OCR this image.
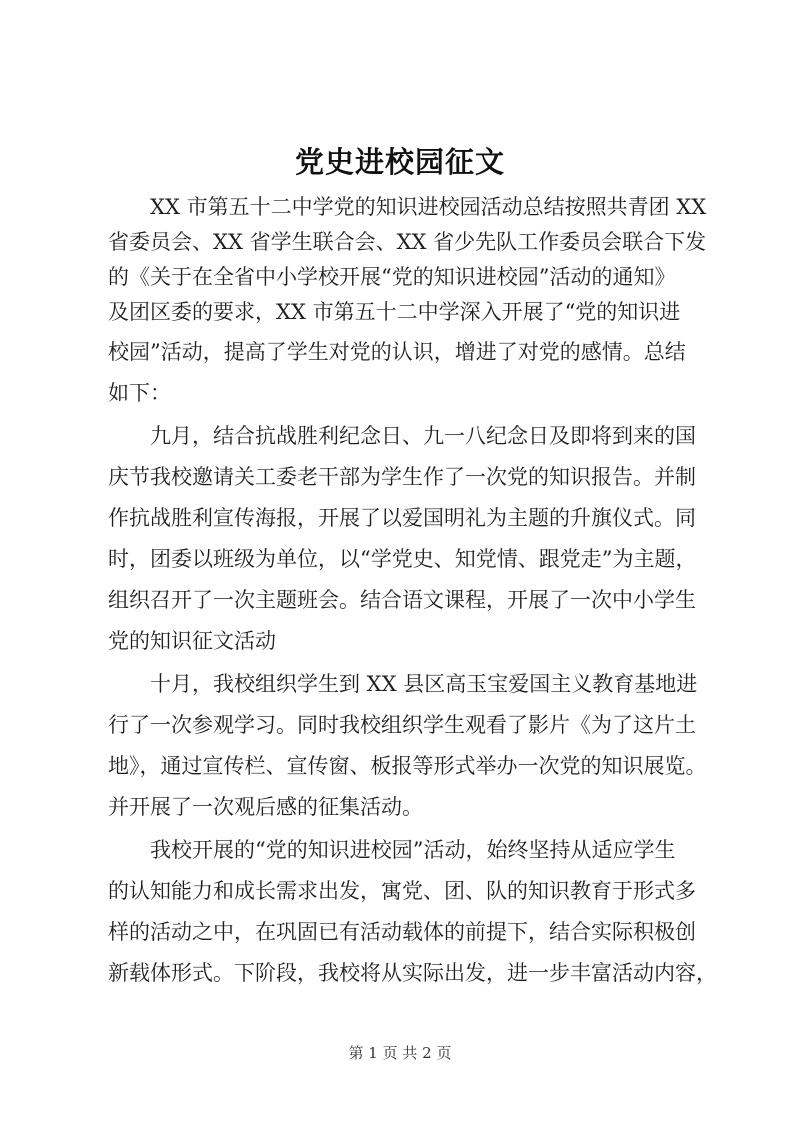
党史进校园征文
XX 市第五十二中学党的知识进校园活动总结按照共青团 XX
省委员会、XX 省学生联合会、XX 省少先队工作委员会联合下发
的《关于在全省中小学校开展“党的知识进校园”活动的通知》
及团区委的要求，XX 市第五十二中学深入开展了“党的知识进
校园”活动，提高了学生对党的认识，增进了对党的感情。总结
如下：
九月，结合抗战胜利纪念日、九一八纪念日及即将到来的国
庆节我校邀请关工委老干部为学生作了一次党的知识报告。并制
作抗战胜利宣传海报，开展了以爱国明礼为主题的升旗仪式。同
时，团委以班级为单位，以“学党史、知党情、跟党走”为主题，
组织召开了一次主题班会。结合语文课程，开展了一次中小学生
党的知识征文活动
十月，我校组织学生到 XX 县区高玉宝爱国主义教育基地进
行了一次参观学习。同时我校组织学生观看了影片《为了这片土
地》，通过宣传栏、宣传窗、板报等形式举办一次党的知识展览。
并开展了一次观后感的征集活动。
我校开展的“党的知识进校园”活动，始终坚持从适应学生
的认知能力和成长需求出发，寓党、团、队的知识教育于形式多
样的活动之中，在巩固已有活动载体的前提下，结合实际积极创
新载体形式。下阶段，我校将从实际出发，进一步丰富活动内容，
第 1 页 共 2 页
